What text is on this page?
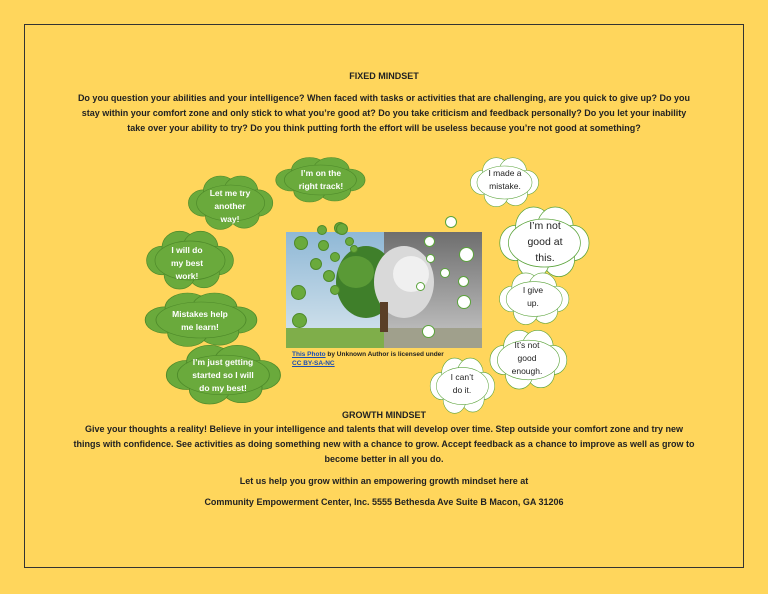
FIXED MINDSET
Do you question your abilities and your intelligence? When faced with tasks or activities that are challenging, are you quick to give up? Do you
stay within your comfort zone and only stick to what you’re good at? Do you take criticism and feedback personally? Do you let your inability
take over your ability to try? Do you think putting forth the effort will be useless because you’re not good at something?
Let me try
another
way!
I’m on the
right track!
I will do
my best
work!
Mistakes help
me learn!
I’m just getting
started so I will
do my best!
I made a
mistake.
I’m not
good at
this.
I give
up.
It’s not
good
enough.
I can’t
do it.
This Photo by Unknown Author is licensed under
CC BY-SA-NC
GROWTH MINDSET
Give your thoughts a reality! Believe in your intelligence and talents that will develop over time. Step outside your comfort zone and try new
things with confidence. See activities as doing something new with a chance to grow. Accept feedback as a chance to improve as well as grow to
become better in all you do.
Let us help you grow within an empowering growth mindset here at
Community Empowerment Center, Inc. 5555 Bethesda Ave Suite B Macon, GA 31206
